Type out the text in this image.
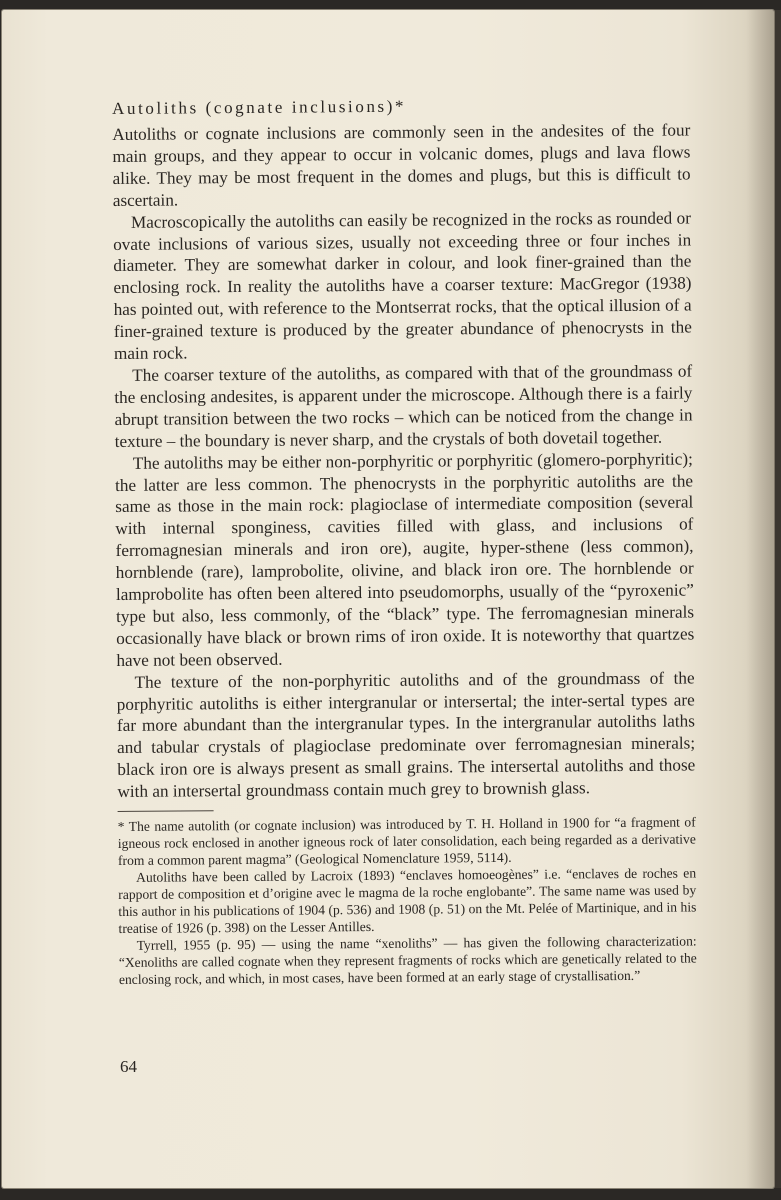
Autoliths (cognate inclusions)*

Autoliths or cognate inclusions are commonly seen in the andesites of the four main groups, and they appear to occur in volcanic domes, plugs and lava flows alike. They may be most frequent in the domes and plugs, but this is difficult to ascertain.

Macroscopically the autoliths can easily be recognized in the rocks as rounded or ovate inclusions of various sizes, usually not exceeding three or four inches in diameter. They are somewhat darker in colour, and look finer-grained than the enclosing rock. In reality the autoliths have a coarser texture: MacGregor (1938) has pointed out, with reference to the Montserrat rocks, that the optical illusion of a finer-grained texture is produced by the greater abundance of phenocrysts in the main rock.

The coarser texture of the autoliths, as compared with that of the groundmass of the enclosing andesites, is apparent under the microscope. Although there is a fairly abrupt transition between the two rocks – which can be noticed from the change in texture – the boundary is never sharp, and the crystals of both dovetail together.

The autoliths may be either non-porphyritic or porphyritic (glomero-porphyritic); the latter are less common. The phenocrysts in the porphyritic autoliths are the same as those in the main rock: plagioclase of intermediate composition (several with internal sponginess, cavities filled with glass, and inclusions of ferromagnesian minerals and iron ore), augite, hyper-sthene (less common), hornblende (rare), lamprobolite, olivine, and black iron ore. The hornblende or lamprobolite has often been altered into pseudomorphs, usually of the “pyroxenic” type but also, less commonly, of the “black” type. The ferromagnesian minerals occasionally have black or brown rims of iron oxide. It is noteworthy that quartzes have not been observed.

The texture of the non-porphyritic autoliths and of the groundmass of the porphyritic autoliths is either intergranular or intersertal; the inter-sertal types are far more abundant than the intergranular types. In the intergranular autoliths laths and tabular crystals of plagioclase predominate over ferromagnesian minerals; black iron ore is always present as small grains. The intersertal autoliths and those with an intersertal groundmass contain much grey to brownish glass.

* The name autolith (or cognate inclusion) was introduced by T. H. Holland in 1900 for “a fragment of igneous rock enclosed in another igneous rock of later consolidation, each being regarded as a derivative from a common parent magma” (Geological Nomenclature 1959, 5114).

Autoliths have been called by Lacroix (1893) “enclaves homoeogènes” i.e. “enclaves de roches en rapport de composition et d’origine avec le magma de la roche englobante”. The same name was used by this author in his publications of 1904 (p. 536) and 1908 (p. 51) on the Mt. Pelée of Martinique, and in his treatise of 1926 (p. 398) on the Lesser Antilles.

Tyrrell, 1955 (p. 95) — using the name “xenoliths” — has given the following characterization: “Xenoliths are called cognate when they represent fragments of rocks which are genetically related to the enclosing rock, and which, in most cases, have been formed at an early stage of crystallisation.”

64
